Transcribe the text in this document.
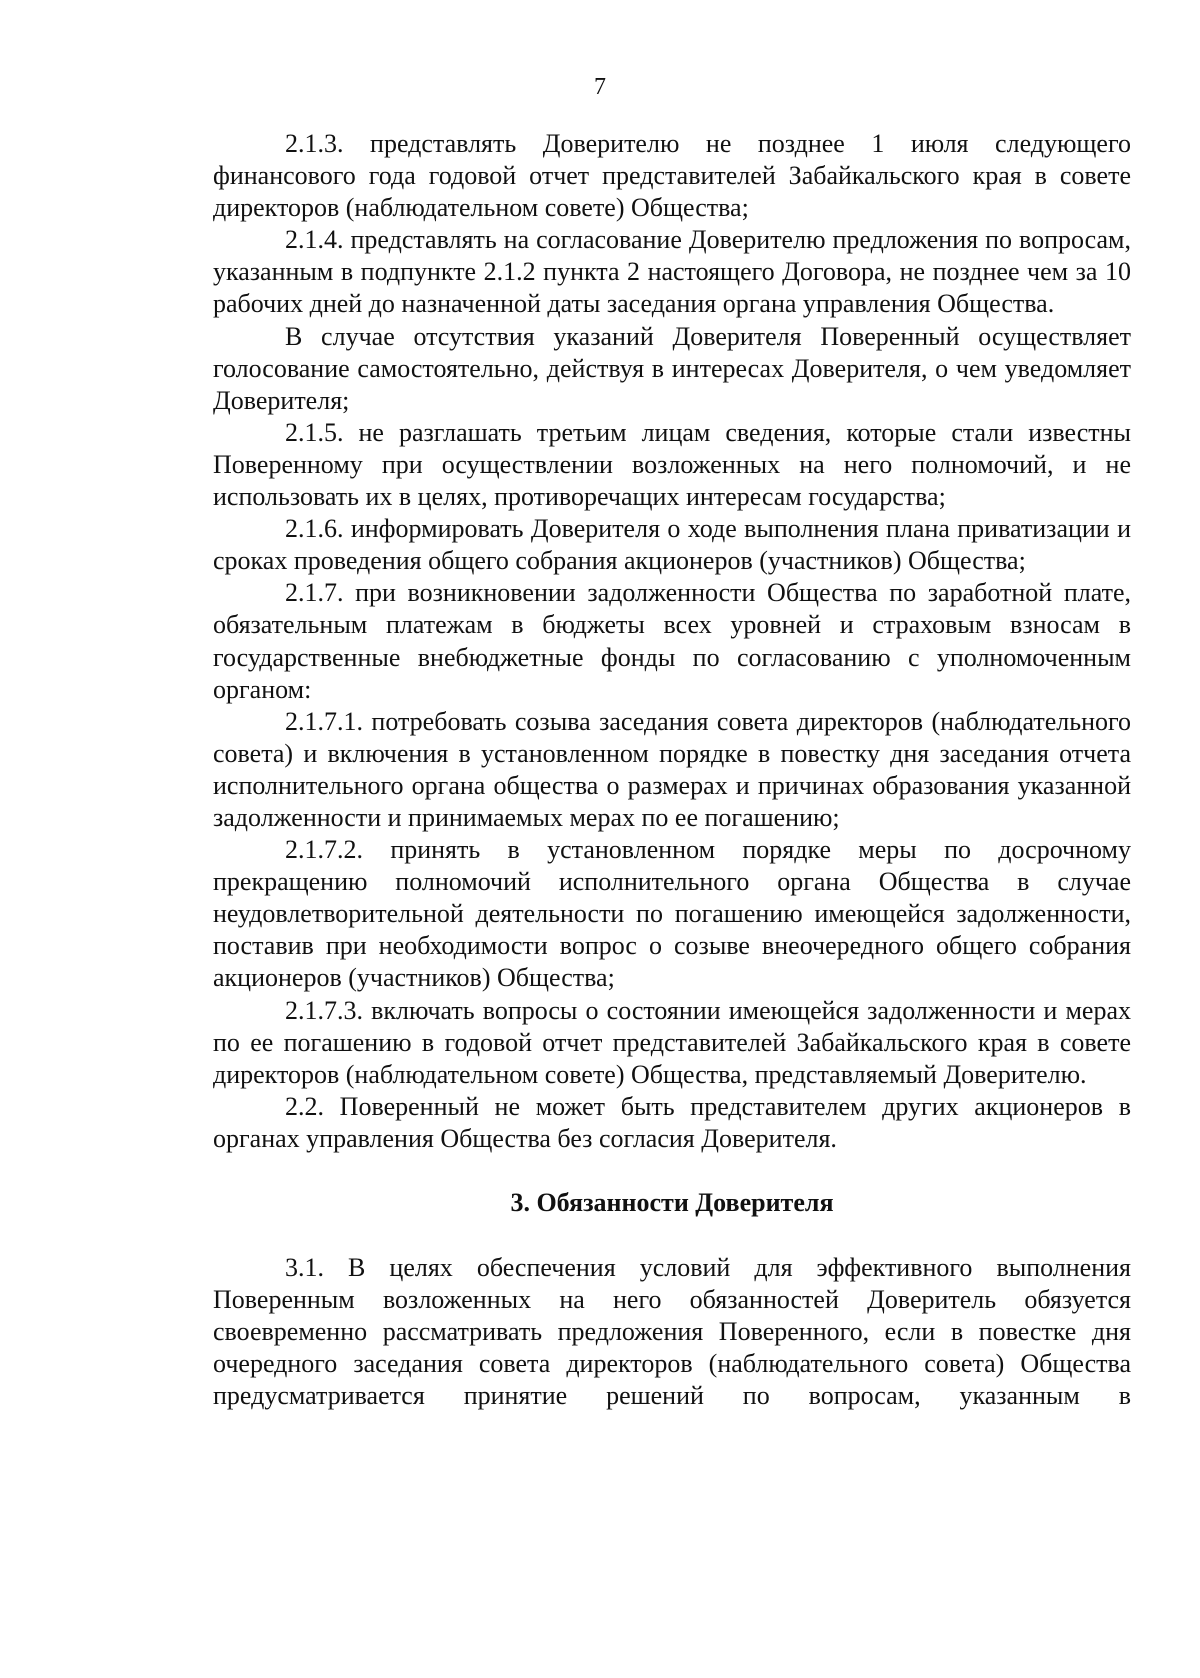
7

2.1.3. представлять Доверителю не позднее 1 июля следующего финансового года годовой отчет представителей Забайкальского края в совете директоров (наблюдательном совете) Общества;

2.1.4. представлять на согласование Доверителю предложения по вопросам, указанным в подпункте 2.1.2 пункта 2 настоящего Договора, не позднее чем за 10 рабочих дней до назначенной даты заседания органа управления Общества.

В случае отсутствия указаний Доверителя Поверенный осуществляет голосование самостоятельно, действуя в интересах Доверителя, о чем уведомляет Доверителя;

2.1.5. не разглашать третьим лицам сведения, которые стали известны Поверенному при осуществлении возложенных на него полномочий, и не использовать их в целях, противоречащих интересам государства;

2.1.6. информировать Доверителя о ходе выполнения плана приватизации и сроках проведения общего собрания акционеров (участников) Общества;

2.1.7. при возникновении задолженности Общества по заработной плате, обязательным платежам в бюджеты всех уровней и страховым взносам в государственные внебюджетные фонды по согласованию с уполномоченным органом:

2.1.7.1. потребовать созыва заседания совета директоров (наблюдательного совета) и включения в установленном порядке в повестку дня заседания отчета исполнительного органа общества о размерах и причинах образования указанной задолженности и принимаемых мерах по ее погашению;

2.1.7.2. принять в установленном порядке меры по досрочному прекращению полномочий исполнительного органа Общества в случае неудовлетворительной деятельности по погашению имеющейся задолженности, поставив при необходимости вопрос о созыве внеочередного общего собрания акционеров (участников) Общества;

2.1.7.3. включать вопросы о состоянии имеющейся задолженности и мерах по ее погашению в годовой отчет представителей Забайкальского края в совете директоров (наблюдательном совете) Общества, представляемый Доверителю.

2.2. Поверенный не может быть представителем других акционеров в органах управления Общества без согласия Доверителя.

3. Обязанности Доверителя

3.1. В целях обеспечения условий для эффективного выполнения Поверенным возложенных на него обязанностей Доверитель обязуется своевременно рассматривать предложения Поверенного, если в повестке дня очередного заседания совета директоров (наблюдательного совета) Общества предусматривается принятие решений по вопросам, указанным в
